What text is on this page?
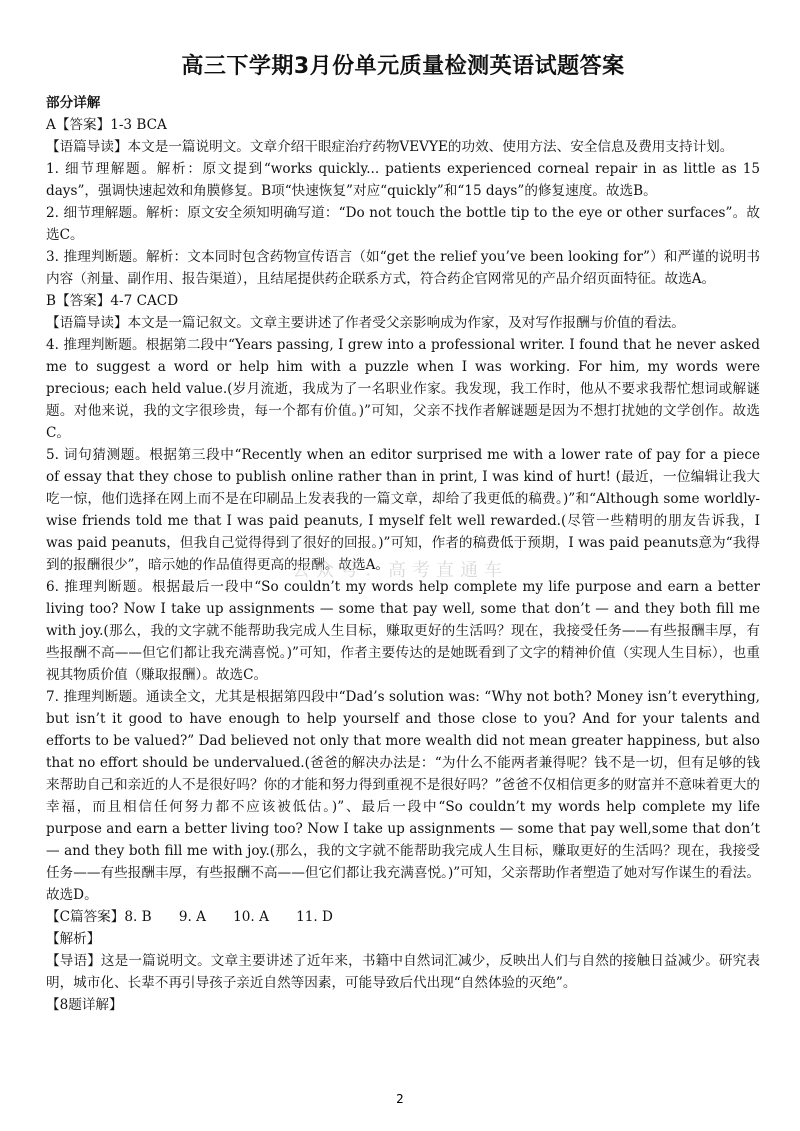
高三下学期3月份单元质量检测英语试题答案
部分详解

A【答案】1-3 BCA

【语篇导读】本文是一篇说明文。文章介绍干眼症治疗药物VEVYE的功效、使用方法、安全信息及费用支持计划。

1. 细节理解题。解析：原文提到“works quickly... patients experienced corneal repair in as little as 15 days”，强调快速起效和角膜修复。B项“快速恢复”对应“quickly”和“15 days”的修复速度。故选B。

2. 细节理解题。解析：原文安全须知明确写道：“Do not touch the bottle tip to the eye or other surfaces”。故选C。

3. 推理判断题。解析：文本同时包含药物宣传语言（如“get the relief you’ve been looking for”）和严谨的说明书内容（剂量、副作用、报告渠道），且结尾提供药企联系方式，符合药企官网常见的产品介绍页面特征。故选A。

B【答案】4-7 CACD

【语篇导读】本文是一篇记叙文。文章主要讲述了作者受父亲影响成为作家，及对写作报酬与价值的看法。

4. 推理判断题。根据第二段中“Years passing, I grew into a professional writer. I found that he never asked me to suggest a word or help him with a puzzle when I was working. For him, my words were precious; each held value.(岁月流逝，我成为了一名职业作家。我发现，我工作时，他从不要求我帮忙想词或解谜题。对他来说，我的文字很珍贵，每一个都有价值。)”可知，父亲不找作者解谜题是因为不想打扰她的文学创作。故选C。

5. 词句猜测题。根据第三段中“Recently when an editor surprised me with a lower rate of pay for a piece of essay that they chose to publish online rather than in print, I was kind of hurt! (最近，一位编辑让我大吃一惊，他们选择在网上而不是在印刷品上发表我的一篇文章，却给了我更低的稿费。)”和“Although some worldly-wise friends told me that I was paid peanuts, I myself felt well rewarded.(尽管一些精明的朋友告诉我，I was paid peanuts，但我自己觉得得到了很好的回报。)”可知，作者的稿费低于预期，I was paid peanuts意为“我得到的报酬很少”，暗示她的作品值得更高的报酬。故选A。

6. 推理判断题。根据最后一段中“So couldn’t my words help complete my life purpose and earn a better living too? Now I take up assignments — some that pay well, some that don’t — and they both fill me with joy.(那么，我的文字就不能帮助我完成人生目标，赚取更好的生活吗？现在，我接受任务——有些报酬丰厚，有些报酬不高——但它们都让我充满喜悦。)”可知，作者主要传达的是她既看到了文字的精神价值（实现人生目标），也重视其物质价值（赚取报酬）。故选C。

7. 推理判断题。通读全文，尤其是根据第四段中“Dad’s solution was: “Why not both? Money isn’t everything, but isn’t it good to have enough to help yourself and those close to you? And for your talents and efforts to be valued?” Dad believed not only that more wealth did not mean greater happiness, but also that no effort should be undervalued.(爸爸的解决办法是：“为什么不能两者兼得呢？钱不是一切，但有足够的钱来帮助自己和亲近的人不是很好吗？你的才能和努力得到重视不是很好吗？”爸爸不仅相信更多的财富并不意味着更大的幸福，而且相信任何努力都不应该被低估。)”、最后一段中“So couldn’t my words help complete my life purpose and earn a better living too? Now I take up assignments — some that pay well,some that don’t — and they both fill me with joy.(那么，我的文字就不能帮助我完成人生目标，赚取更好的生活吗？现在，我接受任务——有些报酬丰厚，有些报酬不高——但它们都让我充满喜悦。)”可知，父亲帮助作者塑造了她对写作谋生的看法。故选D。

【C篇答案】8. B　　9. A　　10. A　　11. D

【解析】

【导语】这是一篇说明文。文章主要讲述了近年来，书籍中自然词汇减少，反映出人们与自然的接触日益减少。研究表明，城市化、长辈不再引导孩子亲近自然等因素，可能导致后代出现“自然体验的灭绝”。

【8题详解】

公众号：高考直通车
2
